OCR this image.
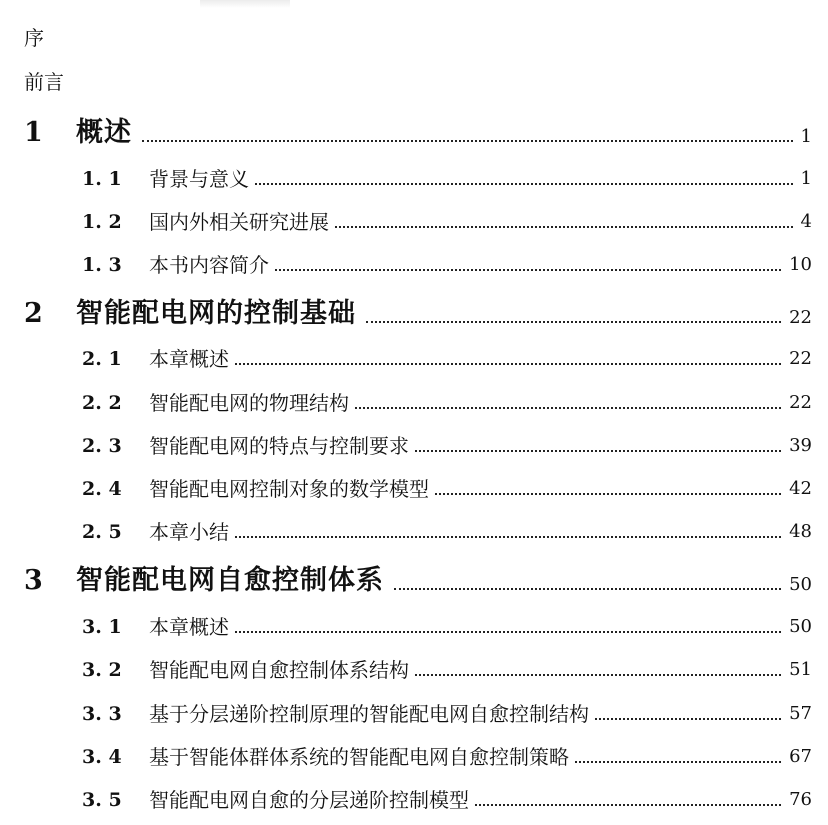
序
前言
1	概述	1
1. 1	背景与意义	1
1. 2	国内外相关研究进展	4
1. 3	本书内容简介	10
2	智能配电网的控制基础	22
2. 1	本章概述	22
2. 2	智能配电网的物理结构	22
2. 3	智能配电网的特点与控制要求	39
2. 4	智能配电网控制对象的数学模型	42
2. 5	本章小结	48
3	智能配电网自愈控制体系	50
3. 1	本章概述	50
3. 2	智能配电网自愈控制体系结构	51
3. 3	基于分层递阶控制原理的智能配电网自愈控制结构	57
3. 4	基于智能体群体系统的智能配电网自愈控制策略	67
3. 5	智能配电网自愈的分层递阶控制模型	76
